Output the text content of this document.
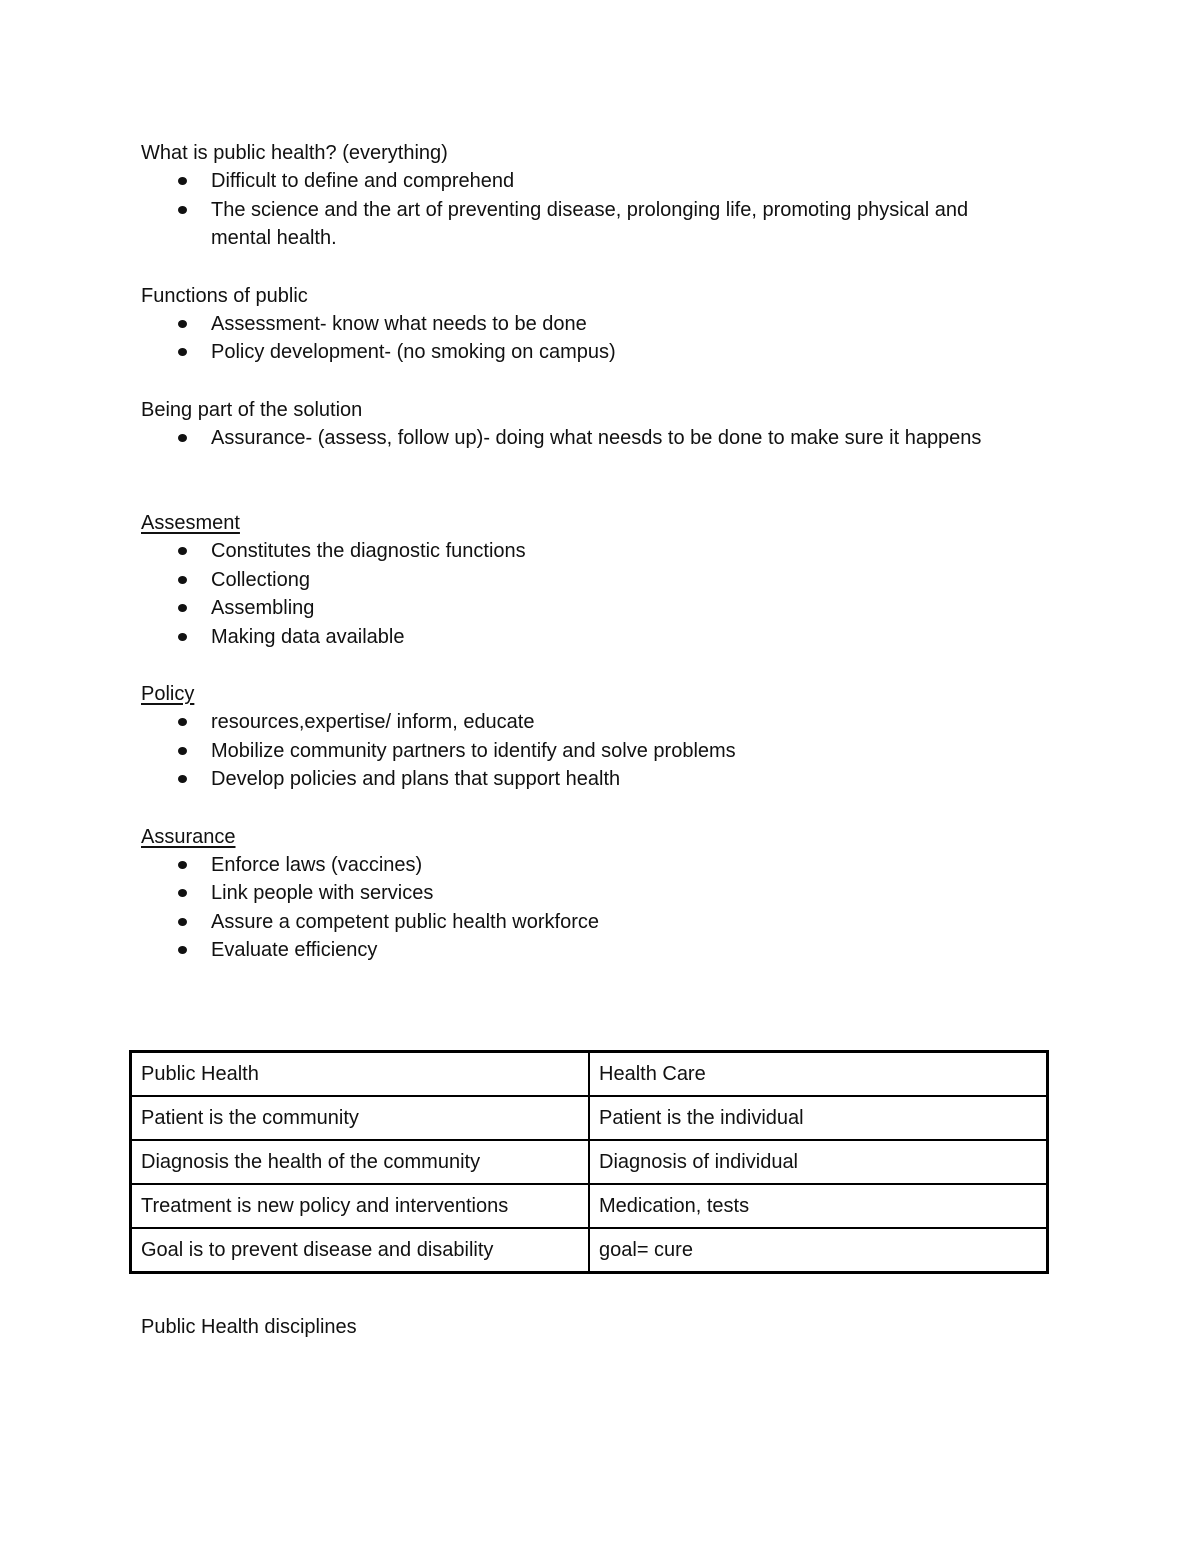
What is public health? (everything)

Difficult to define and comprehend
The science and the art of preventing disease, prolonging life, promoting physical and
mental health.

Functions of public

Assessment- know what needs to be done
Policy development- (no smoking on campus)

Being part of the solution

Assurance- (assess, follow up)- doing what neesds to be done to make sure it happens

Assesment

Constitutes the diagnostic functions
Collectiong
Assembling
Making data available

Policy

resources,expertise/ inform, educate
Mobilize community partners to identify and solve problems
Develop policies and plans that support health

Assurance

Enforce laws (vaccines)
Link people with services
Assure a competent public health workforce
Evaluate efficiency
Public Health	Health Care
Patient is the community	Patient is the individual
Diagnosis the health of the community	Diagnosis of individual
Treatment is new policy and interventions	Medication, tests
Goal is to prevent disease and disability	goal= cure

Public Health disciplines
